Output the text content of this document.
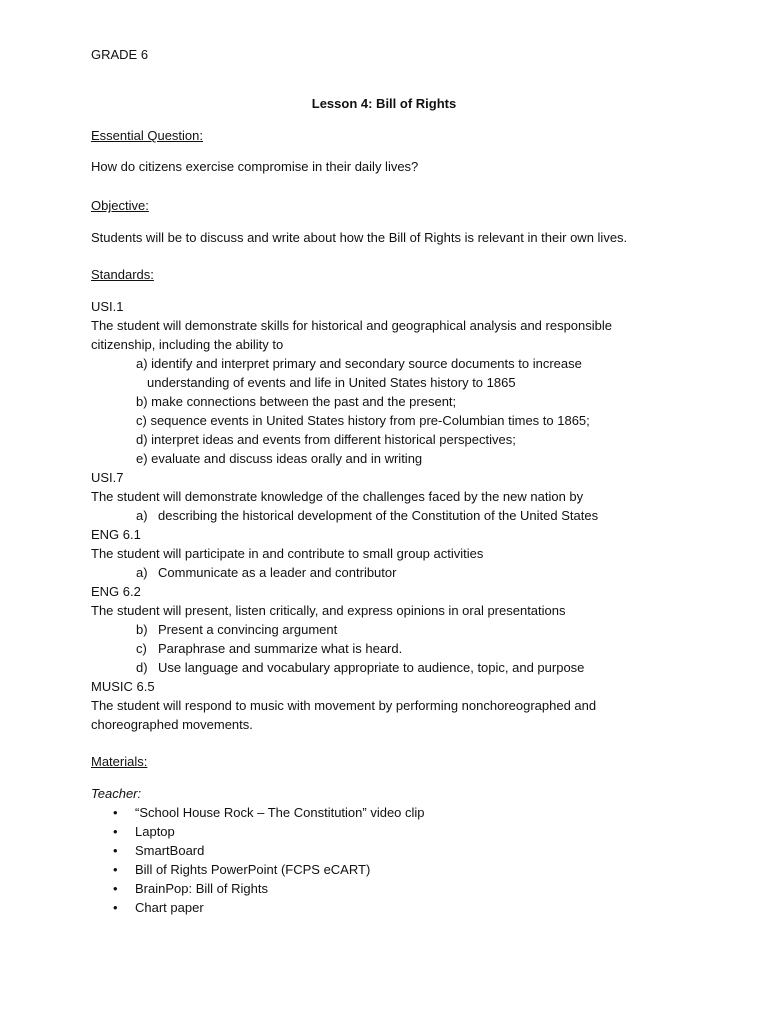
GRADE 6
Lesson 4: Bill of Rights
Essential Question:
How do citizens exercise compromise in their daily lives?
Objective:
Students will be to discuss and write about how the Bill of Rights is relevant in their own lives.
Standards:
USI.1
The student will demonstrate skills for historical and geographical analysis and responsible citizenship, including the ability to
a) identify and interpret primary and secondary source documents to increase
understanding of events and life in United States history to 1865
b) make connections between the past and the present;
c) sequence events in United States history from pre-Columbian times to 1865;
d) interpret ideas and events from different historical perspectives;
e) evaluate and discuss ideas orally and in writing
USI.7
The student will demonstrate knowledge of the challenges faced by the new nation by
a) describing the historical development of the Constitution of the United States
ENG 6.1
The student will participate in and contribute to small group activities
a) Communicate as a leader and contributor
ENG 6.2
The student will present, listen critically, and express opinions in oral presentations
b) Present a convincing argument
c) Paraphrase and summarize what is heard.
d) Use language and vocabulary appropriate to audience, topic, and purpose
MUSIC 6.5
The student will respond to music with movement by performing nonchoreographed and choreographed movements.
Materials:
Teacher:
•	“School House Rock – The Constitution” video clip
•	Laptop
•	SmartBoard
•	Bill of Rights PowerPoint (FCPS eCART)
•	BrainPop: Bill of Rights
•	Chart paper
